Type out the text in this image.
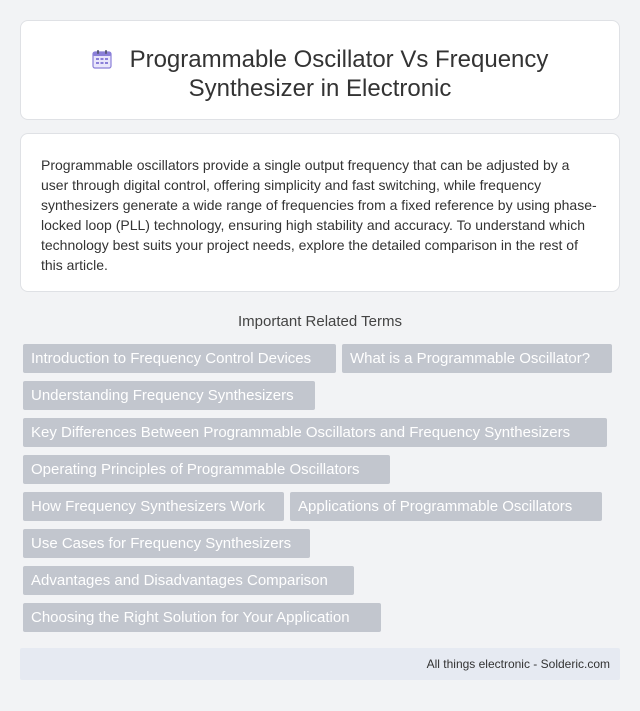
Programmable Oscillator Vs Frequency
Synthesizer in Electronic

Programmable oscillators provide a single output frequency that can be adjusted by a user through digital control, offering simplicity and fast switching, while frequency synthesizers generate a wide range of frequencies from a fixed reference by using phase-locked loop (PLL) technology, ensuring high stability and accuracy. To understand which technology best suits your project needs, explore the detailed comparison in the rest of this article.

Important Related Terms
Introduction to Frequency Control Devices	What is a Programmable Oscillator?
Understanding Frequency Synthesizers
Key Differences Between Programmable Oscillators and Frequency Synthesizers
Operating Principles of Programmable Oscillators
How Frequency Synthesizers Work	Applications of Programmable Oscillators
Use Cases for Frequency Synthesizers
Advantages and Disadvantages Comparison
Choosing the Right Solution for Your Application
All things electronic - Solderic.com
